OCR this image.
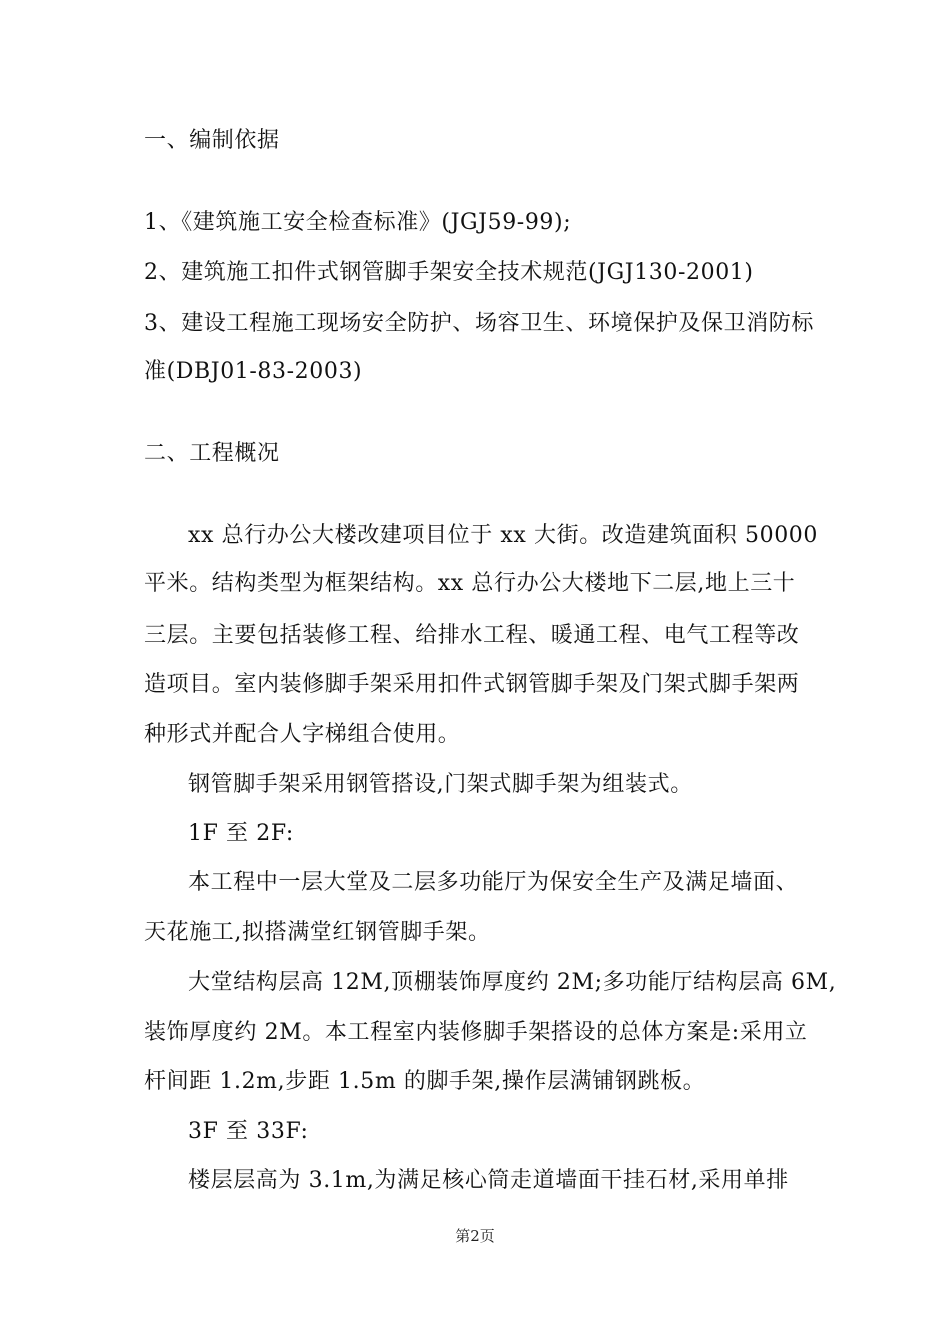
一、编制依据
1、《建筑施工安全检查标准》(JGJ59-99);
2、建筑施工扣件式钢管脚手架安全技术规范(JGJ130-2001)
3、建设工程施工现场安全防护、场容卫生、环境保护及保卫消防标
准(DBJ01-83-2003)
二、工程概况
xx 总行办公大楼改建项目位于 xx 大街。改造建筑面积 50000
平米。结构类型为框架结构。xx 总行办公大楼地下二层,地上三十
三层。主要包括装修工程、给排水工程、暖通工程、电气工程等改
造项目。室内装修脚手架采用扣件式钢管脚手架及门架式脚手架两
种形式并配合人字梯组合使用。
钢管脚手架采用钢管搭设,门架式脚手架为组装式。
1F 至 2F:
本工程中一层大堂及二层多功能厅为保安全生产及满足墙面、
天花施工,拟搭满堂红钢管脚手架。
大堂结构层高 12M,顶棚装饰厚度约 2M;多功能厅结构层高 6M,
装饰厚度约 2M。本工程室内装修脚手架搭设的总体方案是:采用立
杆间距 1.2m,步距 1.5m 的脚手架,操作层满铺钢跳板。
3F 至 33F:
楼层层高为 3.1m,为满足核心筒走道墙面干挂石材,采用单排
第2页
